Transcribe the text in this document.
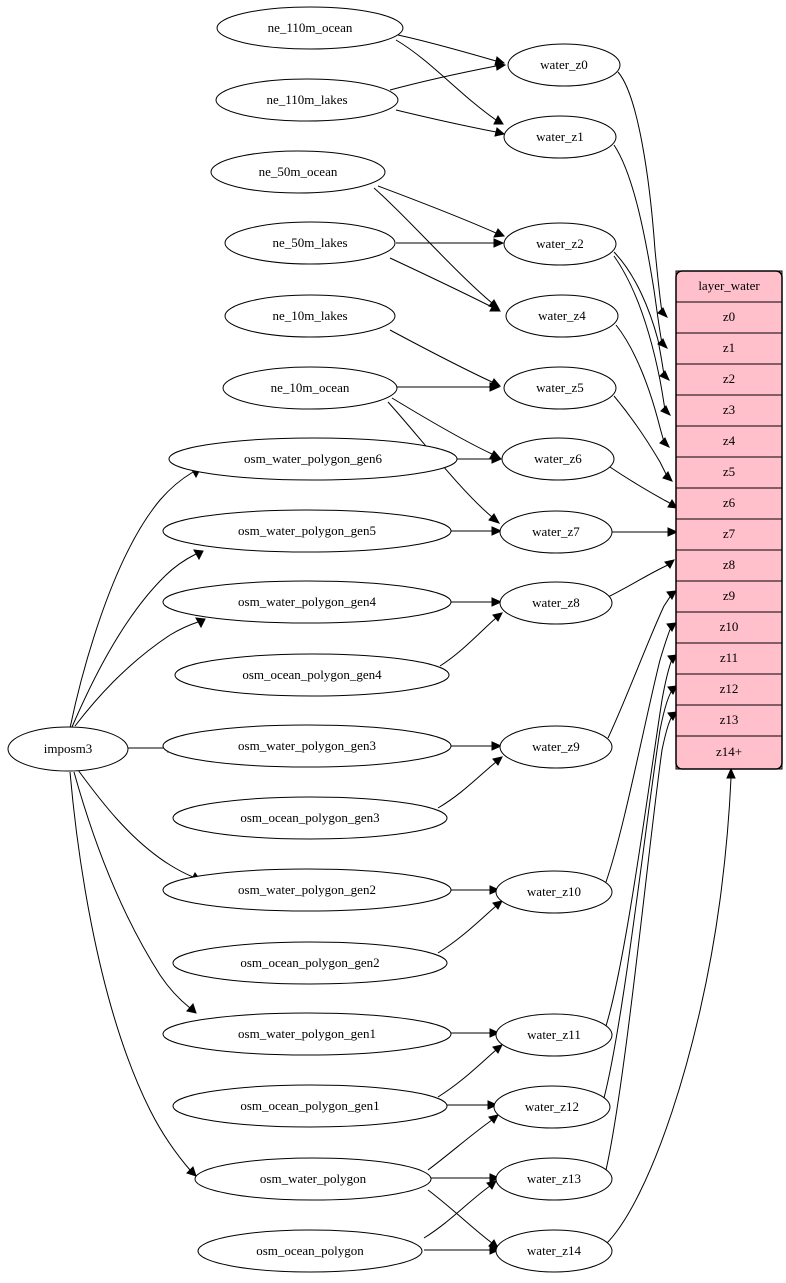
imposm3
ne_110m_ocean
ne_110m_lakes
ne_50m_ocean
ne_50m_lakes
ne_10m_lakes
ne_10m_ocean
osm_water_polygon_gen6
osm_water_polygon_gen5
osm_water_polygon_gen4
osm_ocean_polygon_gen4
osm_water_polygon_gen3
osm_ocean_polygon_gen3
osm_water_polygon_gen2
osm_ocean_polygon_gen2
osm_water_polygon_gen1
osm_ocean_polygon_gen1
osm_water_polygon
osm_ocean_polygon
water_z0
water_z1
water_z2
water_z4
water_z5
water_z6
water_z7
water_z8
water_z9
water_z10
water_z11
water_z12
water_z13
water_z14
layer_water
z0
z1
z2
z3
z4
z5
z6
z7
z8
z9
z10
z11
z12
z13
z14+
